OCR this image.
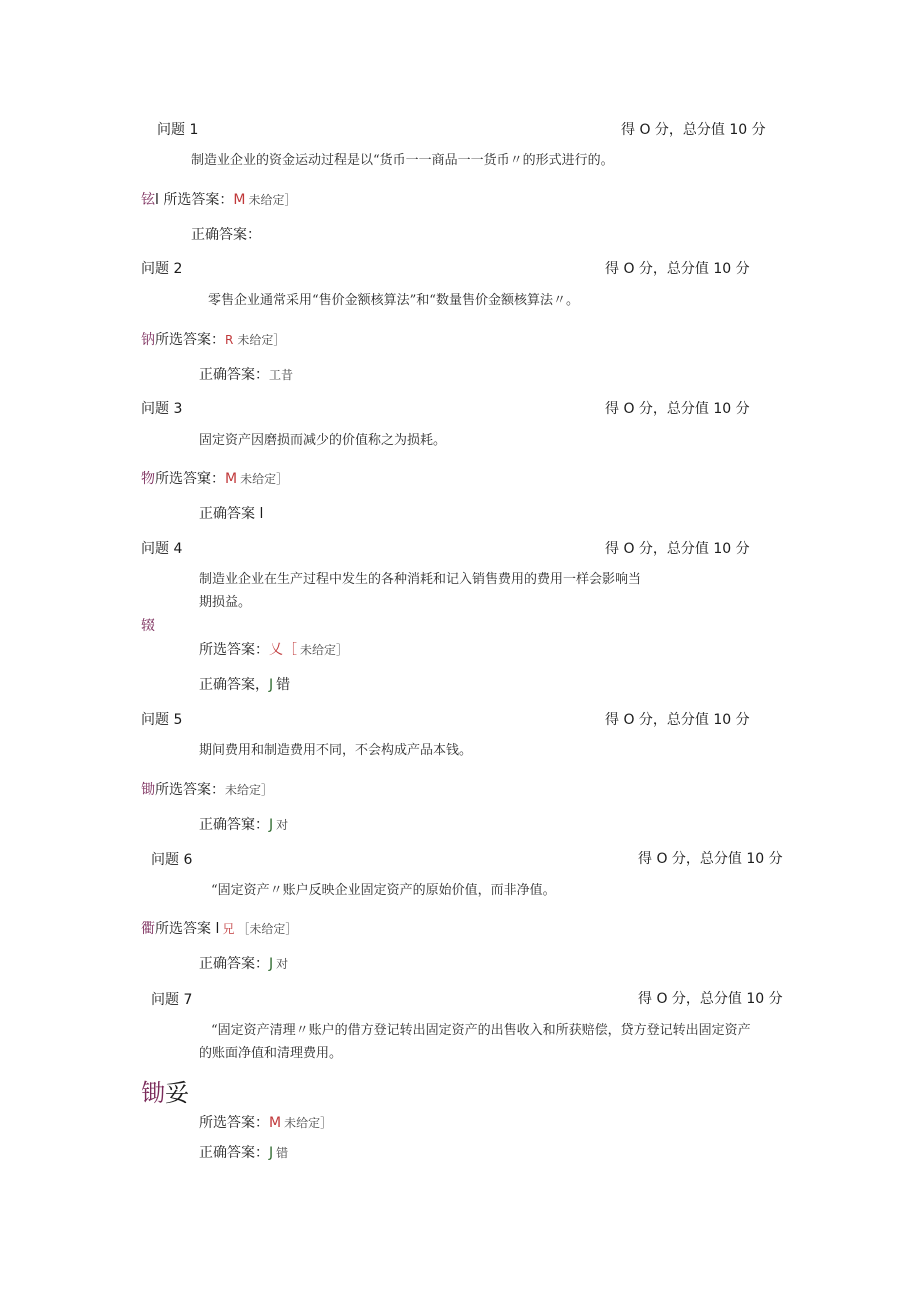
问题 1	得 O 分，总分值 10 分
制造业企业的资金运动过程是以“货币一一商品一一货币〃的形式进行的。
铉l 所选答案：M 未给定］
正确答案：
问题 2	得 O 分，总分值 10 分
零售企业通常采用“售价金额核算法”和“数量售价金额核算法〃。
钠所选答案：R 未给定］
正确答案：工昔
问题 3	得 O 分，总分值 10 分
固定资产因磨损而减少的价值称之为损耗。
物所选答窠：M 未给定］
正确答案 l
问题 4	得 O 分，总分值 10 分
制造业企业在生产过程中发生的各种消耗和记入销售费用的费用一样会影响当
期损益。
辍
所选答案：乂［ 未给定］
正确答案，J 错
问题 5	得 O 分，总分值 10 分
期间费用和制造费用不同，不会构成产品本钱。
锄所选答案：未给定］
正确答窠：J 对
问题 6	得 O 分，总分值 10 分
“固定资产〃账户反映企业固定资产的原始价值，而非净值。
衢所选答案 l 兄 ［未给定］
正确答案：J 对
问题 7	得 O 分，总分值 10 分
“固定资产清理〃账户的借方登记转出固定资产的出售收入和所获赔偿，贷方登记转出固定资产
的账面净值和清理费用。
锄妥
所选答案：M 未给定］
正确答案：J 错
